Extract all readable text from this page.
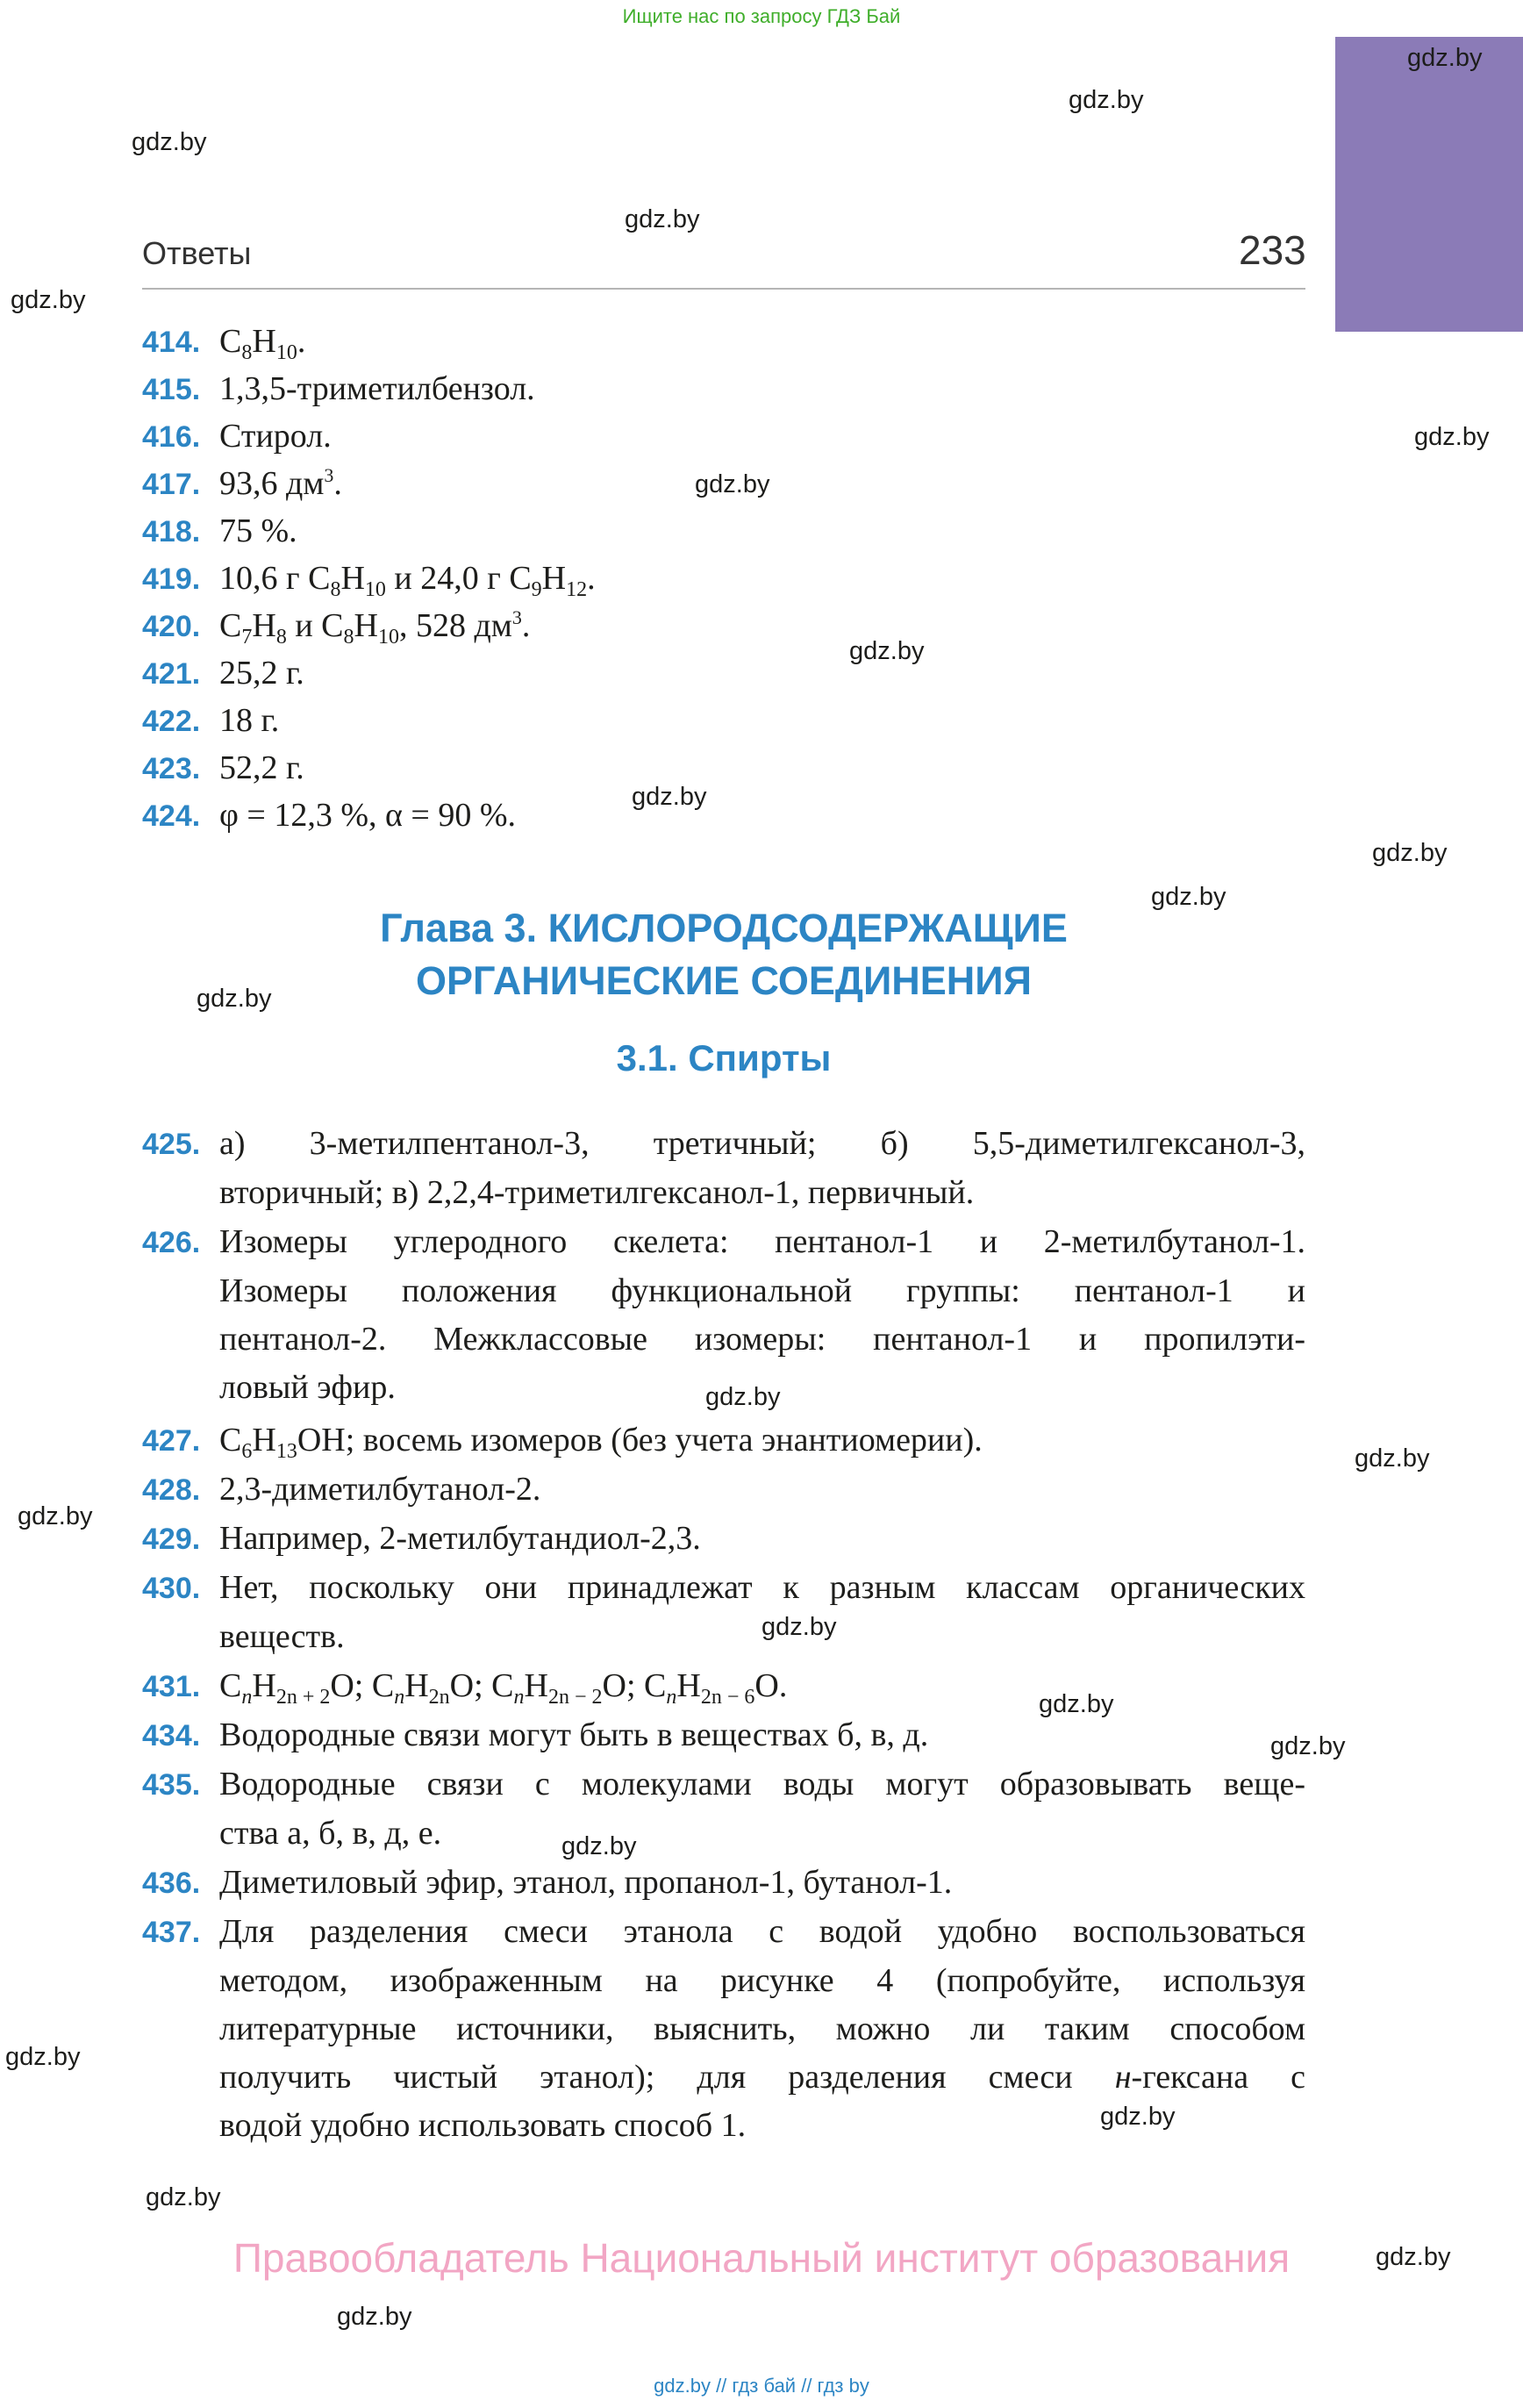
Ищите нас по запросу ГДЗ Бай
gdz.by
gdz.by
gdz.by
gdz.by
gdz.by
gdz.by
gdz.by
gdz.by
gdz.by
gdz.by
gdz.by
gdz.by
gdz.by
gdz.by
gdz.by
gdz.by
gdz.by
gdz.by
gdz.by
gdz.by
gdz.by
gdz.by
gdz.by
gdz.by
Ответы	233
414. $C_8H_{10}$.
415. 1,3,5-триметилбензол.
416. Стирол.
417. 93,6 $дм^3$.
418. 75 %.
419. 10,6 г $C_8H_{10}$ и 24,0 г $C_9H_{12}$.
420. $C_7H_8$ и $C_8H_{10}$, 528 $дм^3$.
421. 25,2 г.
422. 18 г.
423. 52,2 г.
424. φ = 12,3 %, α = 90 %.
Глава 3. КИСЛОРОДСОДЕРЖАЩИЕ
ОРГАНИЧЕСКИЕ СОЕДИНЕНИЯ
3.1. Спирты
425. а) 3-метилпентанол-3, третичный; б) 5,5-диметилгексанол-3,
вторичный; в) 2,2,4-триметилгексанол-1, первичный.
426. Изомеры углеродного скелета: пентанол-1 и 2-метилбутанол-1.
Изомеры положения функциональной группы: пентанол-1 и
пентанол-2. Межклассовые изомеры: пентанол-1 и пропилэти-
ловый эфир.
427. $C_6H_{13}OH$; восемь изомеров (без учета энантиомерии).
428. 2,3-диметилбутанол-2.
429. Например, 2-метилбутандиол-2,3.
430. Нет, поскольку они принадлежат к разным классам органических
веществ.
431. $C_nH_{2n + 2}O$; $C_nH_{2n}O$; $C_nH_{2n - 2}O$; $C_nH_{2n - 6}O$.
434. Водородные связи могут быть в веществах б, в, д.
435. Водородные связи с молекулами воды могут образовывать веще-
ства а, б, в, д, е.
436. Диметиловый эфир, этанол, пропанол-1, бутанол-1.
437. Для разделения смеси этанола с водой удобно воспользоваться
методом, изображенным на рисунке 4 (попробуйте, используя
литературные источники, выяснить, можно ли таким способом
получить чистый этанол); для разделения смеси н-гексана с
водой удобно использовать способ 1.
Правообладатель Национальный институт образования
gdz.by // гдз бай // гдз by
